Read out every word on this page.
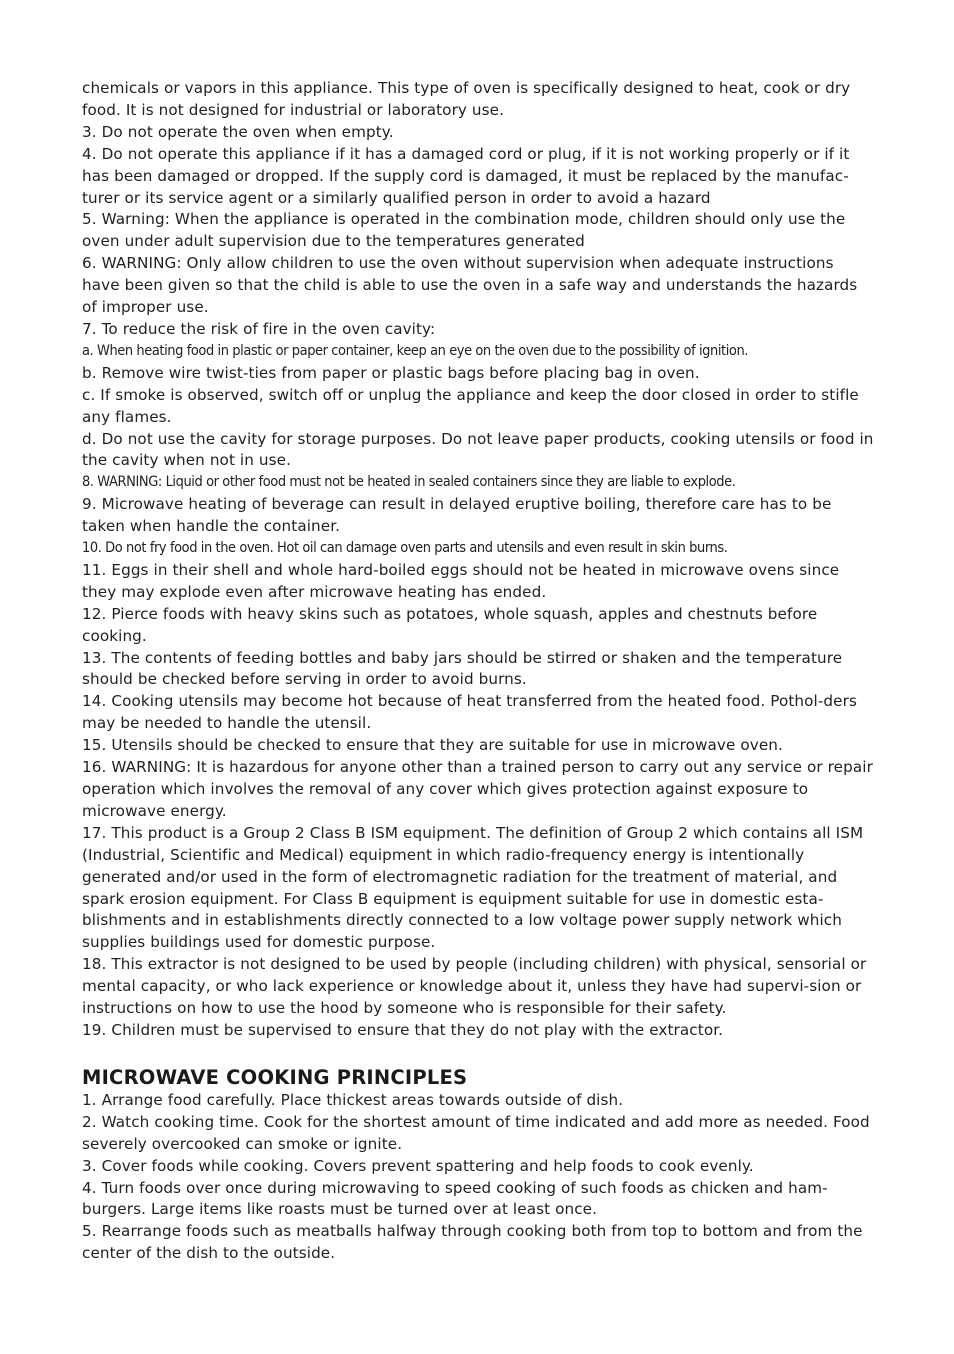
chemicals or vapors in this appliance. This type of oven is specifically designed to heat, cook or dry food. It is not designed for industrial or laboratory use.

3. Do not operate the oven when empty.

4. Do not operate this appliance if it has a damaged cord or plug, if it is not working properly or if it has been damaged or dropped. If the supply cord is damaged, it must be replaced by the manufac-turer or its service agent or a similarly qualified person in order to avoid a hazard

5. Warning: When the appliance is operated in the combination mode, children should only use the oven under adult supervision due to the temperatures generated

6. WARNING: Only allow children to use the oven without supervision when adequate instructions have been given so that the child is able to use the oven in a safe way and understands the hazards of improper use.

7. To reduce the risk of fire in the oven cavity:

a. When heating food in plastic or paper container, keep an eye on the oven due to the possibility of ignition.

b. Remove wire twist-ties from paper or plastic bags before placing bag in oven.

c. If smoke is observed, switch off or unplug the appliance and keep the door closed in order to stifle any flames.

d. Do not use the cavity for storage purposes. Do not leave paper products, cooking utensils or food in the cavity when not in use.

8. WARNING: Liquid or other food must not be heated in sealed containers since they are liable to explode.

9. Microwave heating of beverage can result in delayed eruptive boiling, therefore care has to be taken when handle the container.

10. Do not fry food in the oven. Hot oil can damage oven parts and utensils and even result in skin burns.

11. Eggs in their shell and whole hard-boiled eggs should not be heated in microwave ovens since they may explode even after microwave heating has ended.

12. Pierce foods with heavy skins such as potatoes, whole squash, apples and chestnuts before cooking.

13. The contents of feeding bottles and baby jars should be stirred or shaken and the temperature should be checked before serving in order to avoid burns.

14. Cooking utensils may become hot because of heat transferred from the heated food. Pothol-ders may be needed to handle the utensil.

15. Utensils should be checked to ensure that they are suitable for use in microwave oven.

16. WARNING: It is hazardous for anyone other than a trained person to carry out any service or repair operation which involves the removal of any cover which gives protection against exposure to microwave energy.

17. This product is a Group 2 Class B ISM equipment. The definition of Group 2 which contains all ISM (Industrial, Scientific and Medical) equipment in which radio-frequency energy is intentionally generated and/or used in the form of electromagnetic radiation for the treatment of material, and spark erosion equipment. For Class B equipment is equipment suitable for use in domestic esta-blishments and in establishments directly connected to a low voltage power supply network which supplies buildings used for domestic purpose.

18. This extractor is not designed to be used by people (including children) with physical, sensorial or mental capacity, or who lack experience or knowledge about it, unless they have had supervi-sion or instructions on how to use the hood by someone who is responsible for their safety.

19. Children must be supervised to ensure that they do not play with the extractor.

MICROWAVE COOKING PRINCIPLES

1. Arrange food carefully. Place thickest areas towards outside of dish.

2. Watch cooking time. Cook for the shortest amount of time indicated and add more as needed. Food severely overcooked can smoke or ignite.

3. Cover foods while cooking. Covers prevent spattering and help foods to cook evenly.

4. Turn foods over once during microwaving to speed cooking of such foods as chicken and ham-burgers. Large items like roasts must be turned over at least once.

5. Rearrange foods such as meatballs halfway through cooking both from top to bottom and from the center of the dish to the outside.
